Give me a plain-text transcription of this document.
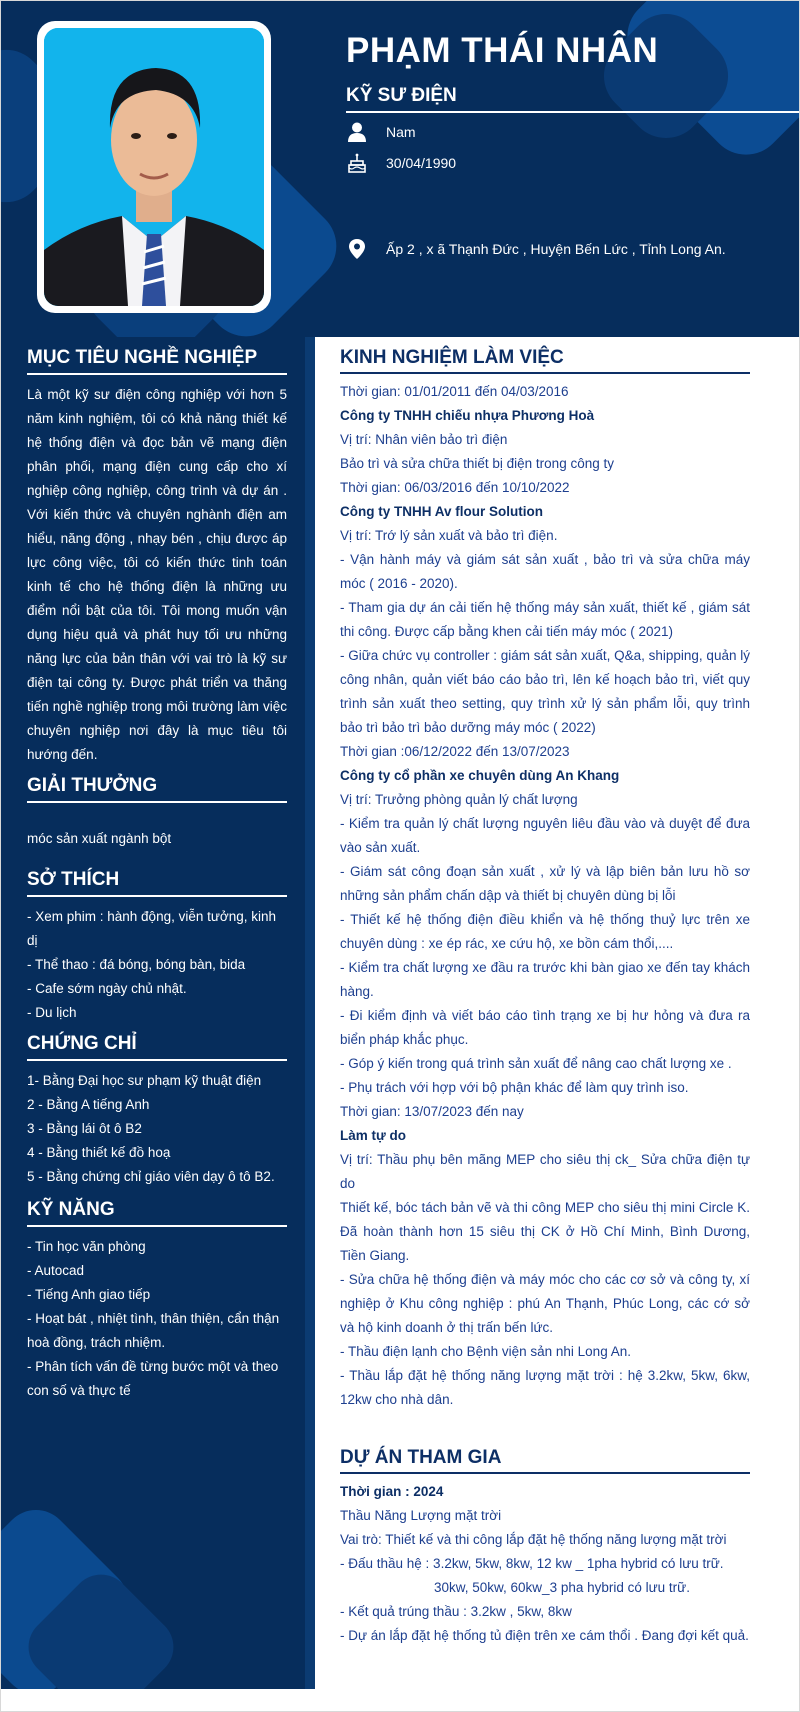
PHẠM THÁI NHÂN
KỸ SƯ ĐIỆN
Nam
30/04/1990
Ấp 2 , x ã Thạnh Đức , Huyện Bến Lức , Tỉnh Long An.
MỤC TIÊU NGHỀ NGHIỆP
Là một kỹ sư điện công nghiệp với hơn 5 năm kinh nghiệm, tôi có khả năng thiết kế hệ thống điện và đọc bản vẽ mạng điện phân phối, mạng điện cung cấp cho xí nghiệp công nghiệp, công trình và dự án . Với kiến thức và chuyên nghành điện am hiểu, năng động , nhạy bén , chịu được áp lực công việc, tôi có kiến thức tinh toán kinh tế cho hệ thống điện là những ưu điểm nổi bật của tôi. Tôi mong muốn vận dụng hiệu quả và phát huy tối ưu những năng lực của bản thân với vai trò là kỹ sư điện tại công ty. Được phát triển va thăng tiến nghề nghiệp trong môi trường làm việc chuyên nghiệp nơi đây là mục tiêu tôi hướng đến.
GIẢI THƯỞNG
móc sản xuất ngành bột
SỞ THÍCH
- Xem phim : hành động, viễn tưởng, kinh dị
- Thể thao : đá bóng, bóng bàn, bida
- Cafe sớm ngày chủ nhật.
- Du lịch
CHỨNG CHỈ
1- Bằng Đại học sư phạm kỹ thuật điện
2 - Bằng A tiếng Anh
3 - Bằng lái ôt ô B2
4 - Bằng thiết kế đồ hoạ
5 - Bằng chứng chỉ giáo viên dạy ô tô B2.
KỸ NĂNG
- Tin học văn phòng
- Autocad
- Tiếng Anh giao tiếp
- Hoạt bát , nhiệt tình, thân thiện, cẩn thận hoà đồng, trách nhiệm.
- Phân tích vấn đề từng bước một và theo con số và thực tế
KINH NGHIỆM LÀM VIỆC
Thời gian: 01/01/2011 đến 04/03/2016
Công ty TNHH chiếu nhựa Phương Hoà
Vị trí: Nhân viên bảo trì điện
Bảo trì và sửa chữa thiết bị điện trong công ty
Thời gian: 06/03/2016 đến 10/10/2022
Công ty TNHH Av flour Solution
Vị trí: Trớ lý sản xuất và bảo trì điện.
- Vận hành máy và giám sát sản xuất , bảo trì và sửa chữa máy móc ( 2016 - 2020).
- Tham gia dự án cải tiến hệ thống máy sản xuất, thiết kế , giám sát thi công. Được cấp bằng khen cải tiến máy móc ( 2021)
- Giữa chức vụ controller : giám sát sản xuất, Q&a, shipping, quản lý công nhân, quản viết báo cáo bảo trì, lên kế hoạch bảo trì, viết quy trình sản xuất theo setting, quy trình xử lý sản phẩm lỗi, quy trình bảo trì bảo trì bảo dưỡng máy móc ( 2022)
Thời gian :06/12/2022 đến 13/07/2023
Công ty cổ phần xe chuyên dùng An Khang
Vị trí: Trưởng phòng quản lý chất lượng
- Kiểm tra quản lý chất lượng nguyên liêu đầu vào và duyệt để đưa vào sản xuất.
- Giám sát công đoạn sản xuất , xử lý và lập biên bản lưu hồ sơ những sản phẩm chấn dập và thiết bị chuyên dùng bị lỗi
- Thiết kế hệ thống điện điều khiển và hệ thống thuỷ lực trên xe chuyên dùng : xe ép rác, xe cứu hộ, xe bồn cám thổi,....
- Kiểm tra chất lượng xe đầu ra trước khi bàn giao xe đến tay khách hàng.
- Đi kiểm định và viết báo cáo tình trạng xe bị hư hỏng và đưa ra biển pháp khắc phục.
- Góp ý kiến trong quá trình sản xuất để nâng cao chất lượng xe .
- Phụ trách với hợp với bộ phận khác để làm quy trình iso.
Thời gian: 13/07/2023 đến nay
Làm tự do
Vị trí: Thầu phụ bên mãng MEP cho siêu thị ck_ Sửa chữa điện tự do
Thiết kế, bóc tách bản vẽ và thi công MEP cho siêu thị mini Circle K. Đã hoàn thành hơn 15 siêu thị CK ở Hồ Chí Minh, Bình Dương, Tiền Giang.
- Sửa chữa hệ thống điện và máy móc cho các cơ sở và công ty, xí nghiệp ở Khu công nghiệp : phú An Thạnh, Phúc Long, các cớ sở và hộ kinh doanh ở thị trấn bến lức.
- Thầu điện lạnh cho Bệnh viện sản nhi Long An.
- Thầu lắp đặt hệ thống năng lượng mặt trời : hệ 3.2kw, 5kw, 6kw, 12kw cho nhà dân.
DỰ ÁN THAM GIA
Thời gian : 2024
Thầu Năng Lượng mặt trời
Vai trò: Thiết kế và thi công lắp đặt hệ thống năng lượng mặt trời
- Đấu thầu hệ : 3.2kw, 5kw, 8kw, 12 kw _ 1pha hybrid có lưu trữ.
30kw, 50kw, 60kw_3 pha hybrid có lưu trữ.
- Kết quả trúng thầu : 3.2kw , 5kw, 8kw
- Dự án lắp đặt hệ thống tủ điện trên xe cám thổi . Đang đợi kết quả.
